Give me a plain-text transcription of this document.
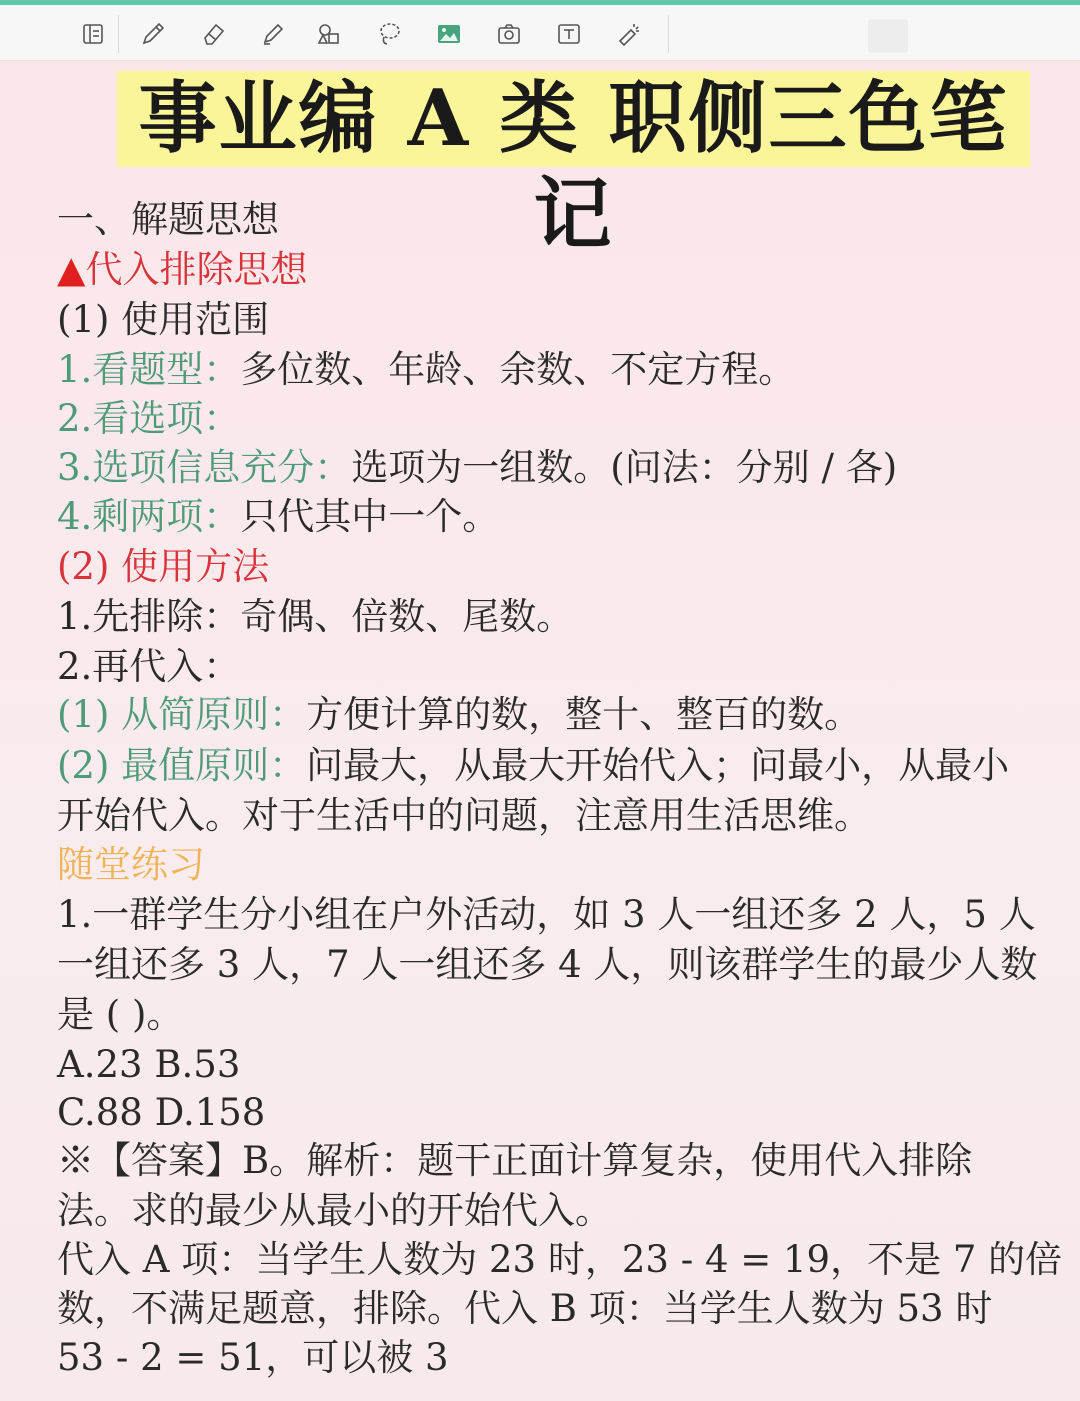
事业编 A 类 职侧三色笔记
一、解题思想
▲代入排除思想
(1) 使用范围
1.看题型：多位数、年龄、余数、不定方程。
2.看选项：
3.选项信息充分：选项为一组数。(问法：分别 / 各)
4.剩两项：只代其中一个。
(2) 使用方法
1.先排除：奇偶、倍数、尾数。
2.再代入：
(1) 从简原则：方便计算的数，整十、整百的数。
(2) 最值原则：问最大，从最大开始代入；问最小，从最小
开始代入。对于生活中的问题，注意用生活思维。
随堂练习
1.一群学生分小组在户外活动，如 3 人一组还多 2 人，5 人
一组还多 3 人，7 人一组还多 4 人，则该群学生的最少人数
是 ( )。
A.23 B.53
C.88 D.158
※【答案】B。解析：题干正面计算复杂，使用代入排除
法。求的最少从最小的开始代入。
代入 A 项：当学生人数为 23 时，23 - 4 = 19，不是 7 的倍
数，不满足题意，排除。代入 B 项：当学生人数为 53 时
53 - 2 = 51，可以被 3
